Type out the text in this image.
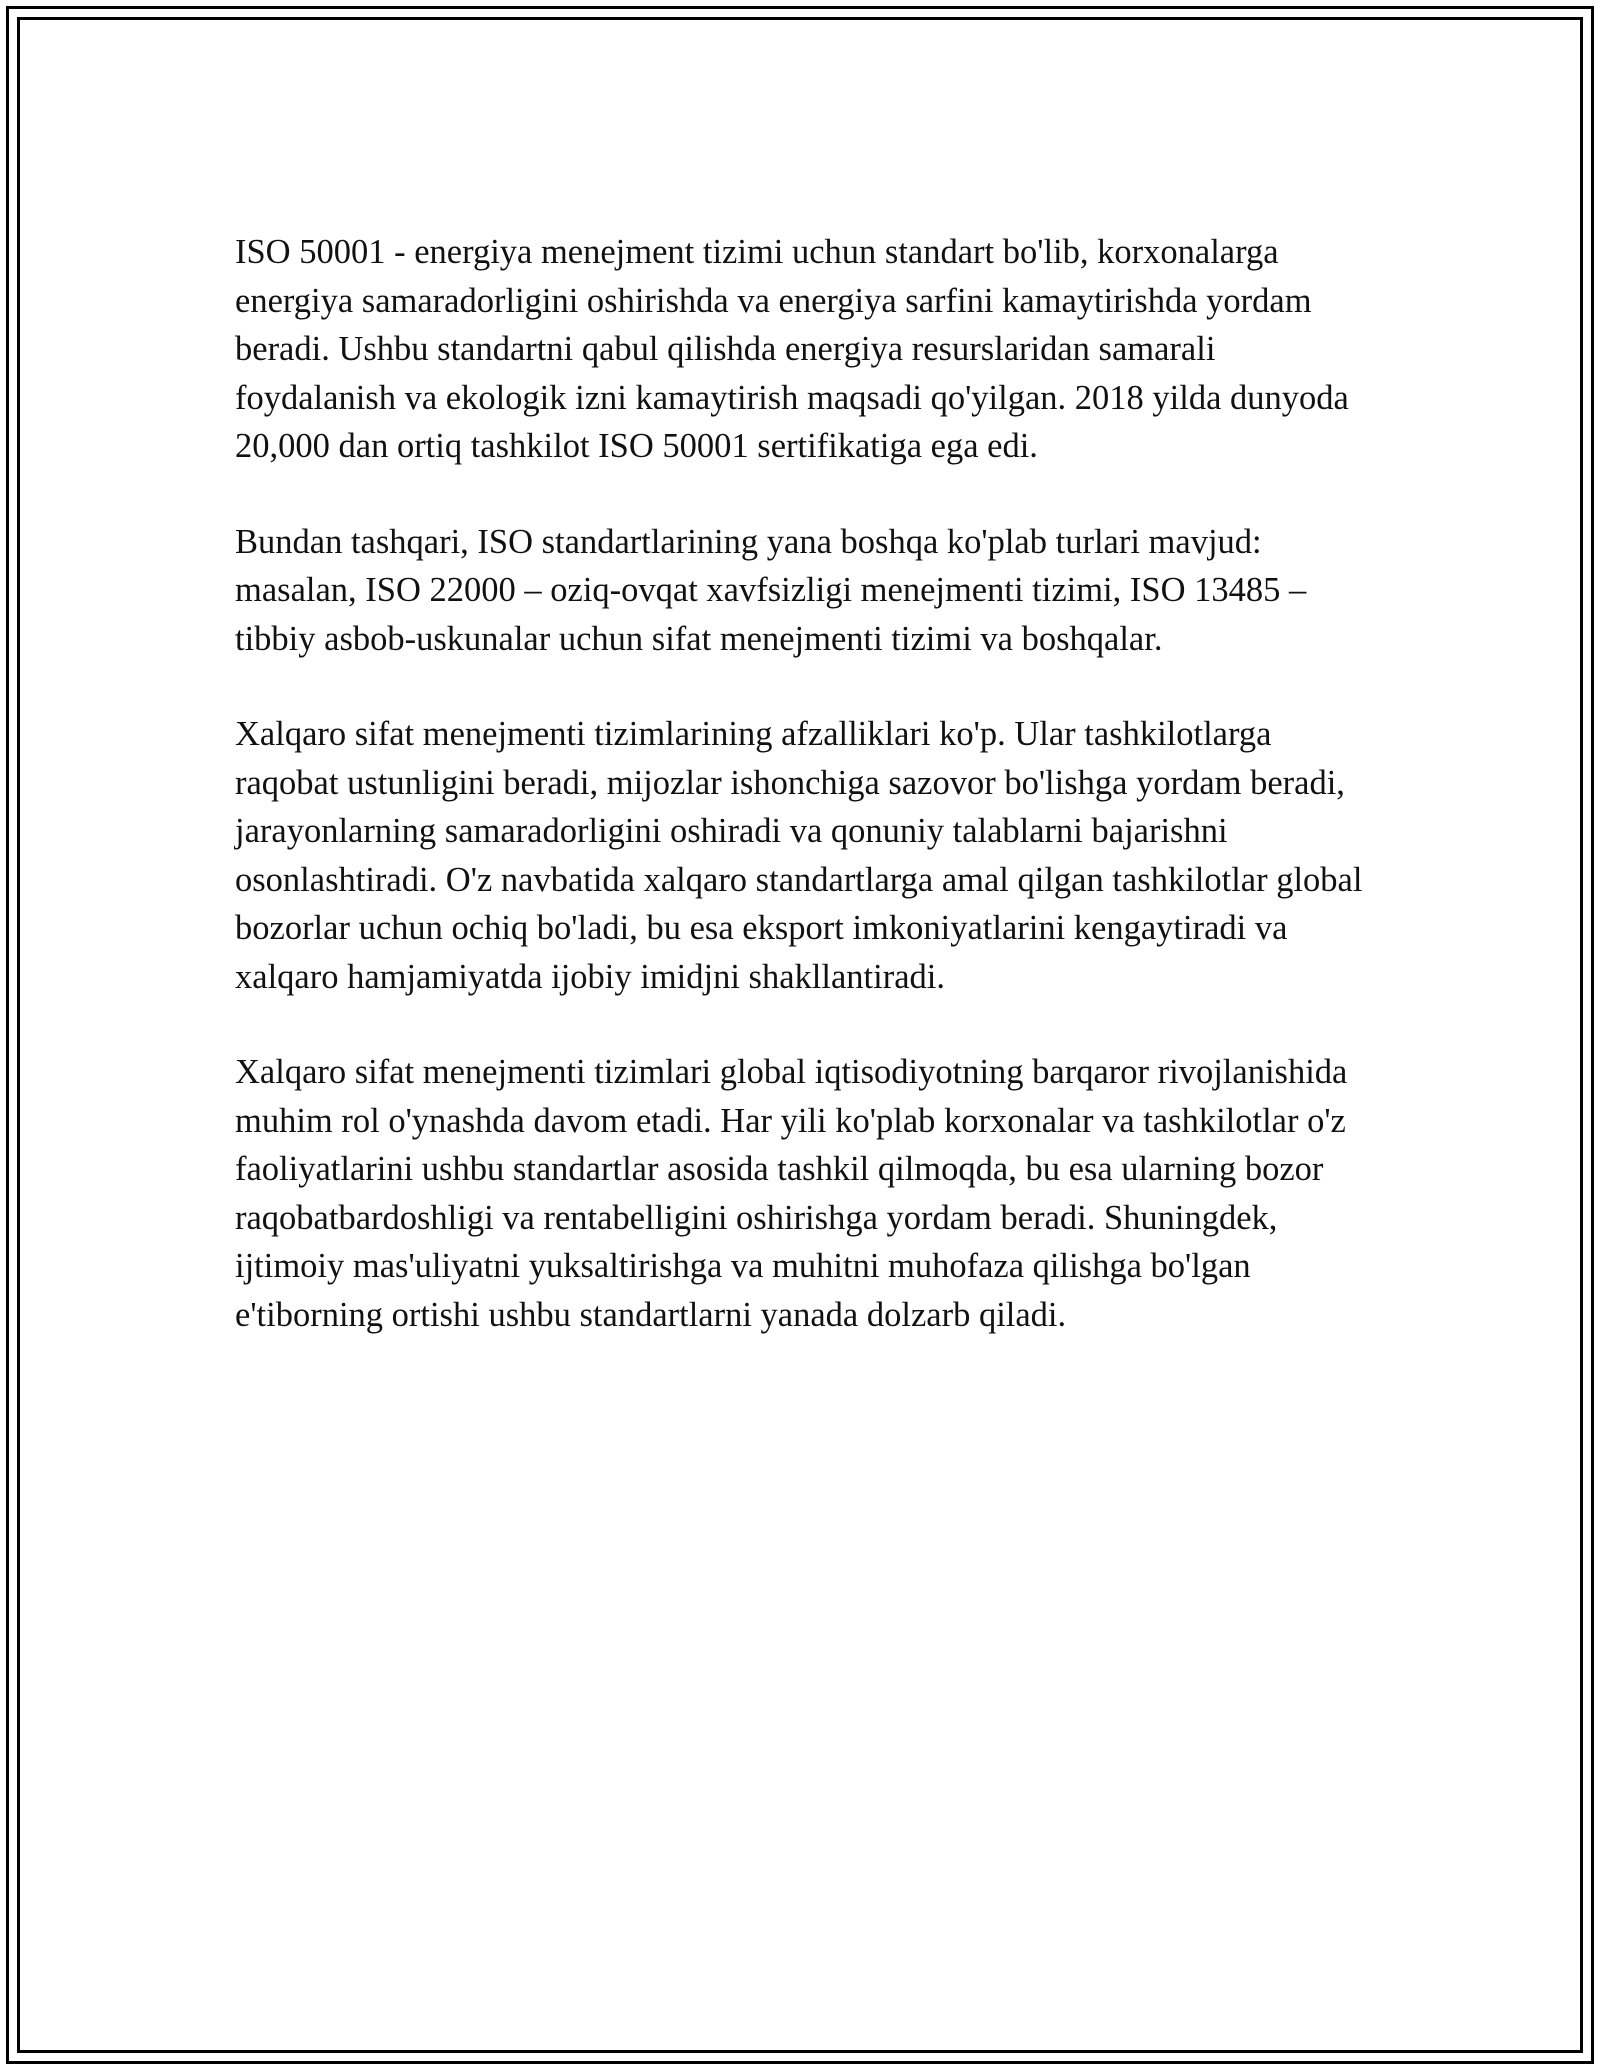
ISO 50001 - energiya menejment tizimi uchun standart bo'lib, korxonalarga energiya samaradorligini oshirishda va energiya sarfini kamaytirishda yordam beradi. Ushbu standartni qabul qilishda energiya resurslaridan samarali foydalanish va ekologik izni kamaytirish maqsadi qo'yilgan. 2018 yilda dunyoda 20,000 dan ortiq tashkilot ISO 50001 sertifikatiga ega edi.

Bundan tashqari, ISO standartlarining yana boshqa ko'plab turlari mavjud: masalan, ISO 22000 – oziq-ovqat xavfsizligi menejmenti tizimi, ISO 13485 – tibbiy asbob-uskunalar uchun sifat menejmenti tizimi va boshqalar.

Xalqaro sifat menejmenti tizimlarining afzalliklari ko'p. Ular tashkilotlarga raqobat ustunligini beradi, mijozlar ishonchiga sazovor bo'lishga yordam beradi, jarayonlarning samaradorligini oshiradi va qonuniy talablarni bajarishni osonlashtiradi. O'z navbatida xalqaro standartlarga amal qilgan tashkilotlar global bozorlar uchun ochiq bo'ladi, bu esa eksport imkoniyatlarini kengaytiradi va xalqaro hamjamiyatda ijobiy imidjni shakllantiradi.

Xalqaro sifat menejmenti tizimlari global iqtisodiyotning barqaror rivojlanishida muhim rol o'ynashda davom etadi. Har yili ko'plab korxonalar va tashkilotlar o'z faoliyatlarini ushbu standartlar asosida tashkil qilmoqda, bu esa ularning bozor raqobatbardoshligi va rentabelligini oshirishga yordam beradi. Shuningdek, ijtimoiy mas'uliyatni yuksaltirishga va muhitni muhofaza qilishga bo'lgan e'tiborning ortishi ushbu standartlarni yanada dolzarb qiladi.
